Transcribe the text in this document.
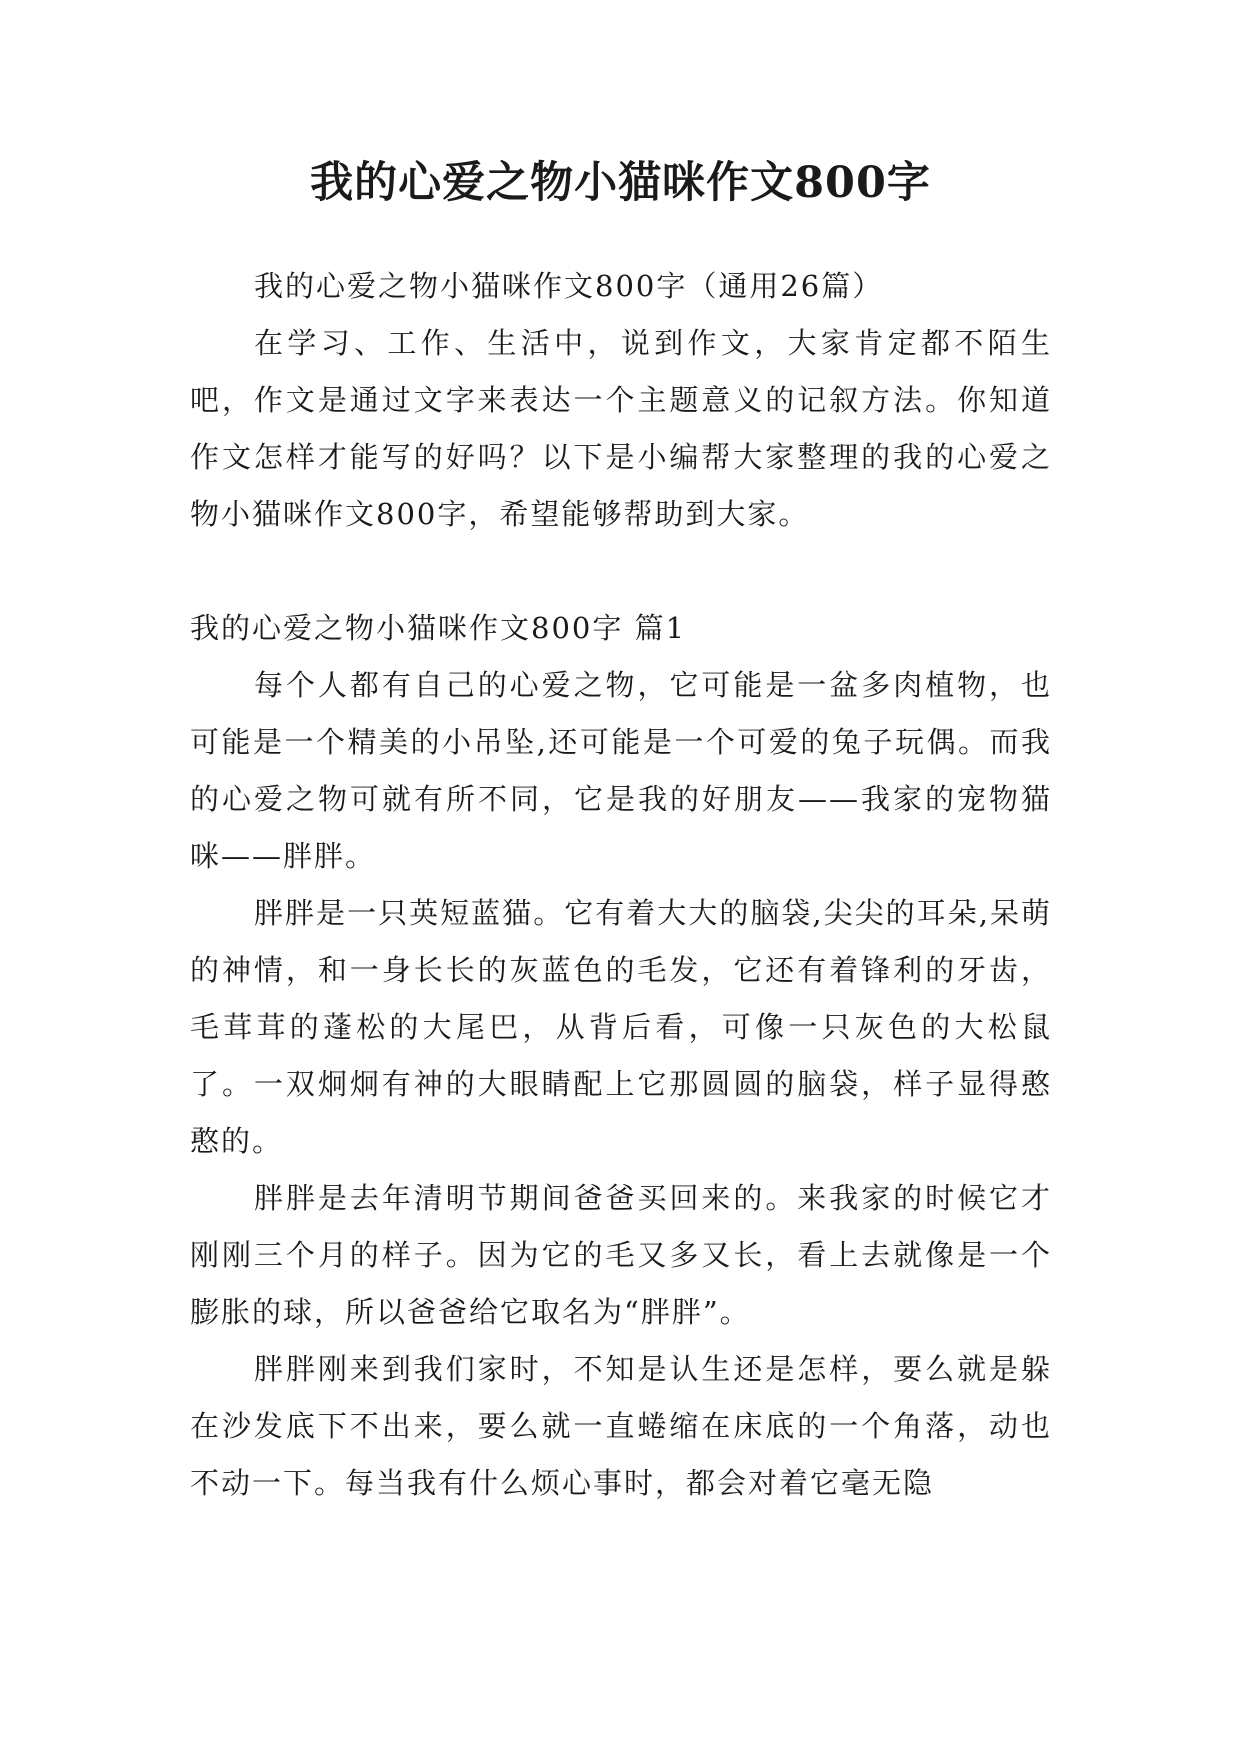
我的心爱之物小猫咪作文800字

我的心爱之物小猫咪作文800字（通用26篇）

在学习、工作、生活中，说到作文，大家肯定都不陌生吧，作文是通过文字来表达一个主题意义的记叙方法。你知道作文怎样才能写的好吗？以下是小编帮大家整理的我的心爱之物小猫咪作文800字，希望能够帮助到大家。

我的心爱之物小猫咪作文800字 篇1

每个人都有自己的心爱之物，它可能是一盆多肉植物，也可能是一个精美的小吊坠,还可能是一个可爱的兔子玩偶。而我的心爱之物可就有所不同，它是我的好朋友——我家的宠物猫咪——胖胖。

胖胖是一只英短蓝猫。它有着大大的脑袋,尖尖的耳朵,呆萌的神情，和一身长长的灰蓝色的毛发，它还有着锋利的牙齿，毛茸茸的蓬松的大尾巴，从背后看，可像一只灰色的大松鼠了。一双炯炯有神的大眼睛配上它那圆圆的脑袋，样子显得憨憨的。

胖胖是去年清明节期间爸爸买回来的。来我家的时候它才刚刚三个月的样子。因为它的毛又多又长，看上去就像是一个膨胀的球，所以爸爸给它取名为“胖胖”。

胖胖刚来到我们家时，不知是认生还是怎样，要么就是躲在沙发底下不出来，要么就一直蜷缩在床底的一个角落，动也不动一下。每当我有什么烦心事时，都会对着它毫无隐
